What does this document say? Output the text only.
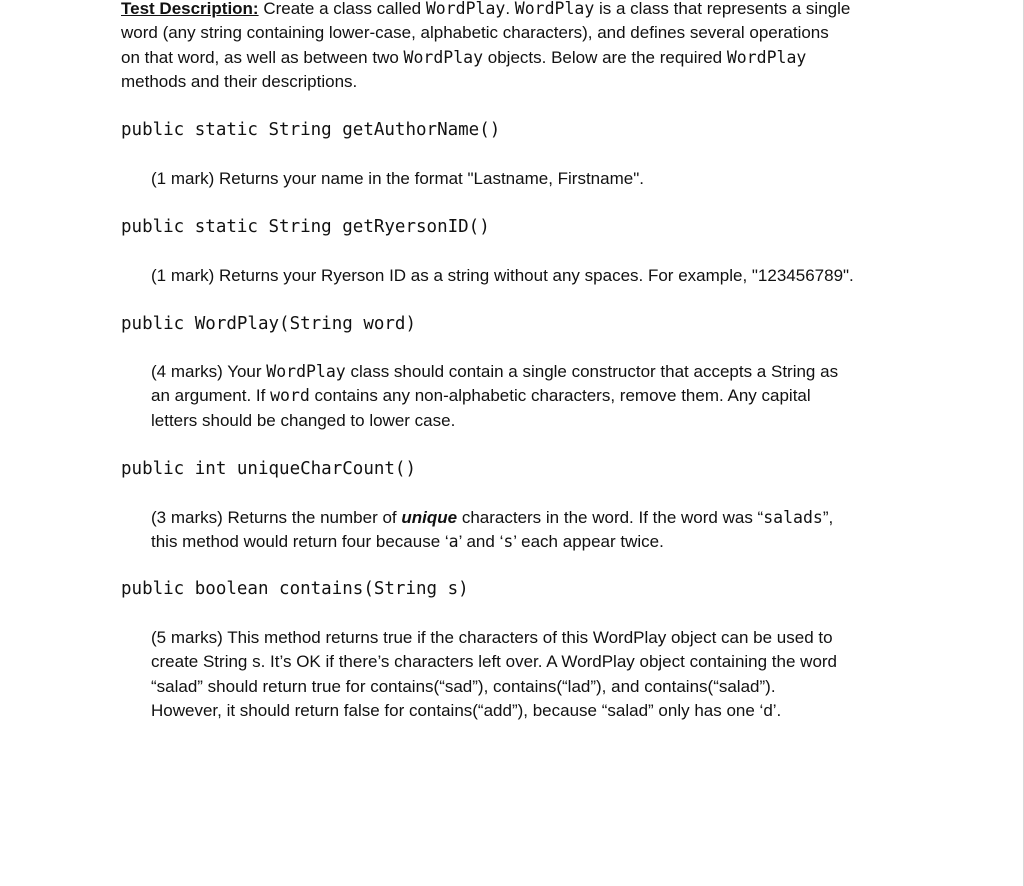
Test Description: Create a class called WordPlay. WordPlay is a class that represents a single
word (any string containing lower-case, alphabetic characters), and defines several operations
on that word, as well as between two WordPlay objects. Below are the required WordPlay
methods and their descriptions.
public static String getAuthorName()
(1 mark) Returns your name in the format "Lastname, Firstname".
public static String getRyersonID()
(1 mark) Returns your Ryerson ID as a string without any spaces. For example, "123456789".
public WordPlay(String word)
(4 marks) Your WordPlay class should contain a single constructor that accepts a String as
an argument. If word contains any non-alphabetic characters, remove them. Any capital
letters should be changed to lower case.
public int uniqueCharCount()
(3 marks) Returns the number of unique characters in the word. If the word was “salads”,
this method would return four because ‘a’ and ‘s’ each appear twice.
public boolean contains(String s)
(5 marks) This method returns true if the characters of this WordPlay object can be used to
create String s. It’s OK if there’s characters left over. A WordPlay object containing the word
“salad” should return true for contains(“sad”), contains(“lad”), and contains(“salad”).
However, it should return false for contains(“add”), because “salad” only has one ‘d’.
